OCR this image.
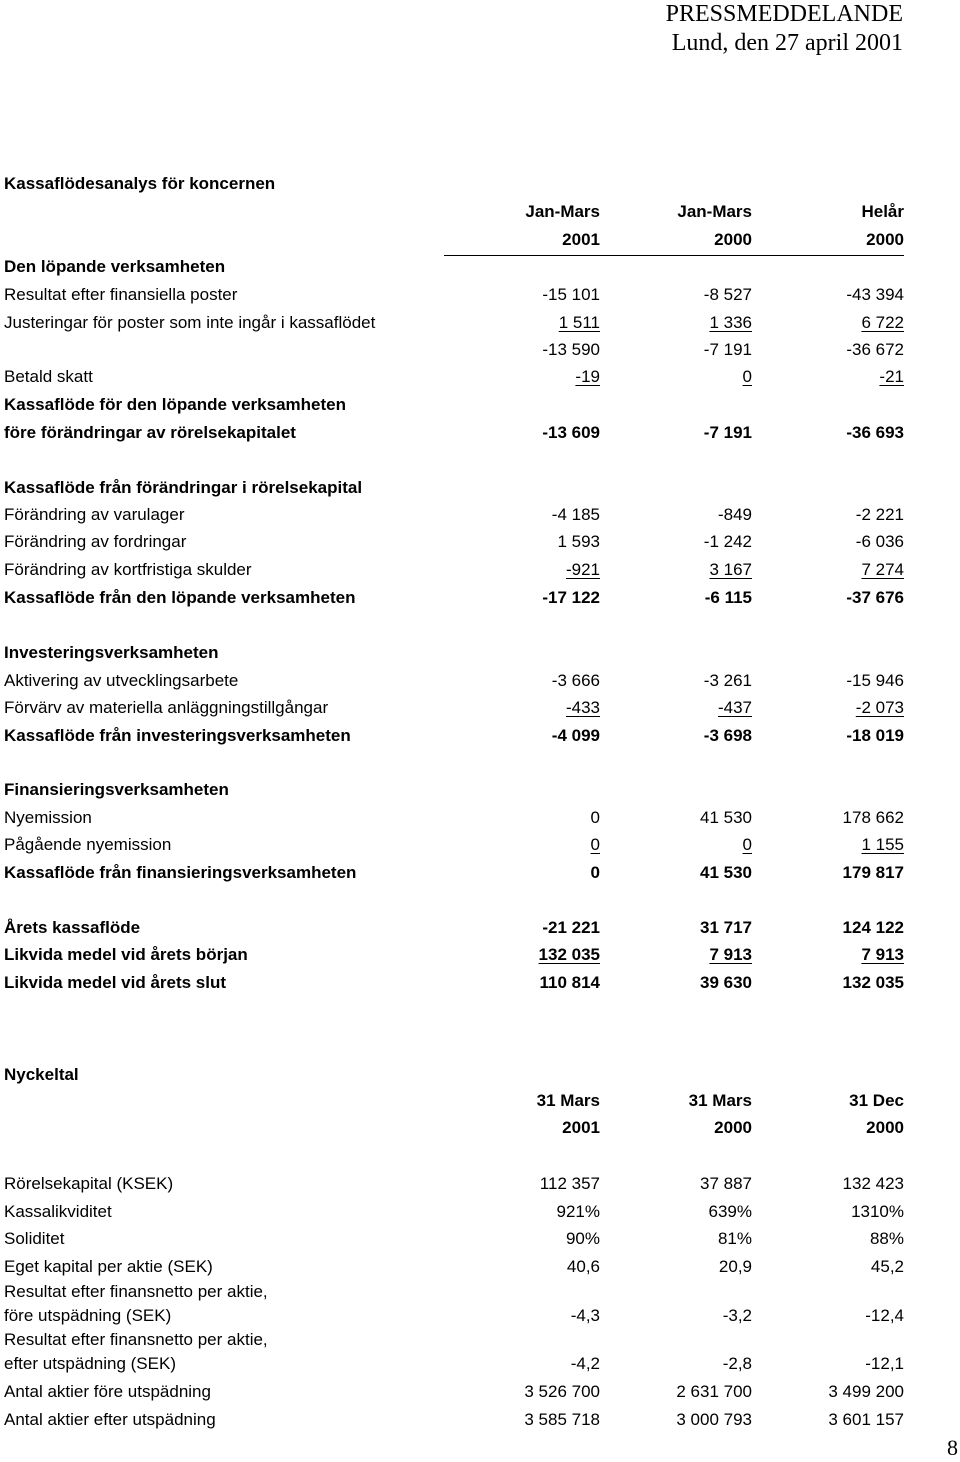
PRESSMEDDELANDE
Lund, den 27 april 2001
Kassaflödesanalys för koncernen
Jan-Mars	Jan-Mars	Helår
2001	2000	2000
Den löpande verksamheten
Resultat efter finansiella poster	-15 101	-8 527	-43 394
Justeringar för poster som inte ingår i kassaflödet	1 511	1 336	6 722
-13 590	-7 191	-36 672
Betald skatt	-19	0	-21
Kassaflöde för den löpande verksamheten
före förändringar av rörelsekapitalet	-13 609	-7 191	-36 693
Kassaflöde från förändringar i rörelsekapital
Förändring av varulager	-4 185	-849	-2 221
Förändring av fordringar	1 593	-1 242	-6 036
Förändring av kortfristiga skulder	-921	3 167	7 274
Kassaflöde från den löpande verksamheten	-17 122	-6 115	-37 676
Investeringsverksamheten
Aktivering av utvecklingsarbete	-3 666	-3 261	-15 946
Förvärv av materiella anläggningstillgångar	-433	-437	-2 073
Kassaflöde från investeringsverksamheten	-4 099	-3 698	-18 019
Finansieringsverksamheten
Nyemission	0	41 530	178 662
Pågående nyemission	0	0	1 155
Kassaflöde från finansieringsverksamheten	0	41 530	179 817
Årets kassaflöde	-21 221	31 717	124 122
Likvida medel vid årets början	132 035	7 913	7 913
Likvida medel vid årets slut	110 814	39 630	132 035
Nyckeltal
31 Mars	31 Mars	31 Dec
2001	2000	2000
Rörelsekapital (KSEK)	112 357	37 887	132 423
Kassalikviditet	921%	639%	1310%
Soliditet	90%	81%	88%
Eget kapital per aktie (SEK)	40,6	20,9	45,2
Resultat efter finansnetto per aktie,
före utspädning (SEK)	-4,3	-3,2	-12,4
Resultat efter finansnetto per aktie,
efter utspädning (SEK)	-4,2	-2,8	-12,1
Antal aktier före utspädning	3 526 700	2 631 700	3 499 200
Antal aktier efter utspädning	3 585 718	3 000 793	3 601 157
8
